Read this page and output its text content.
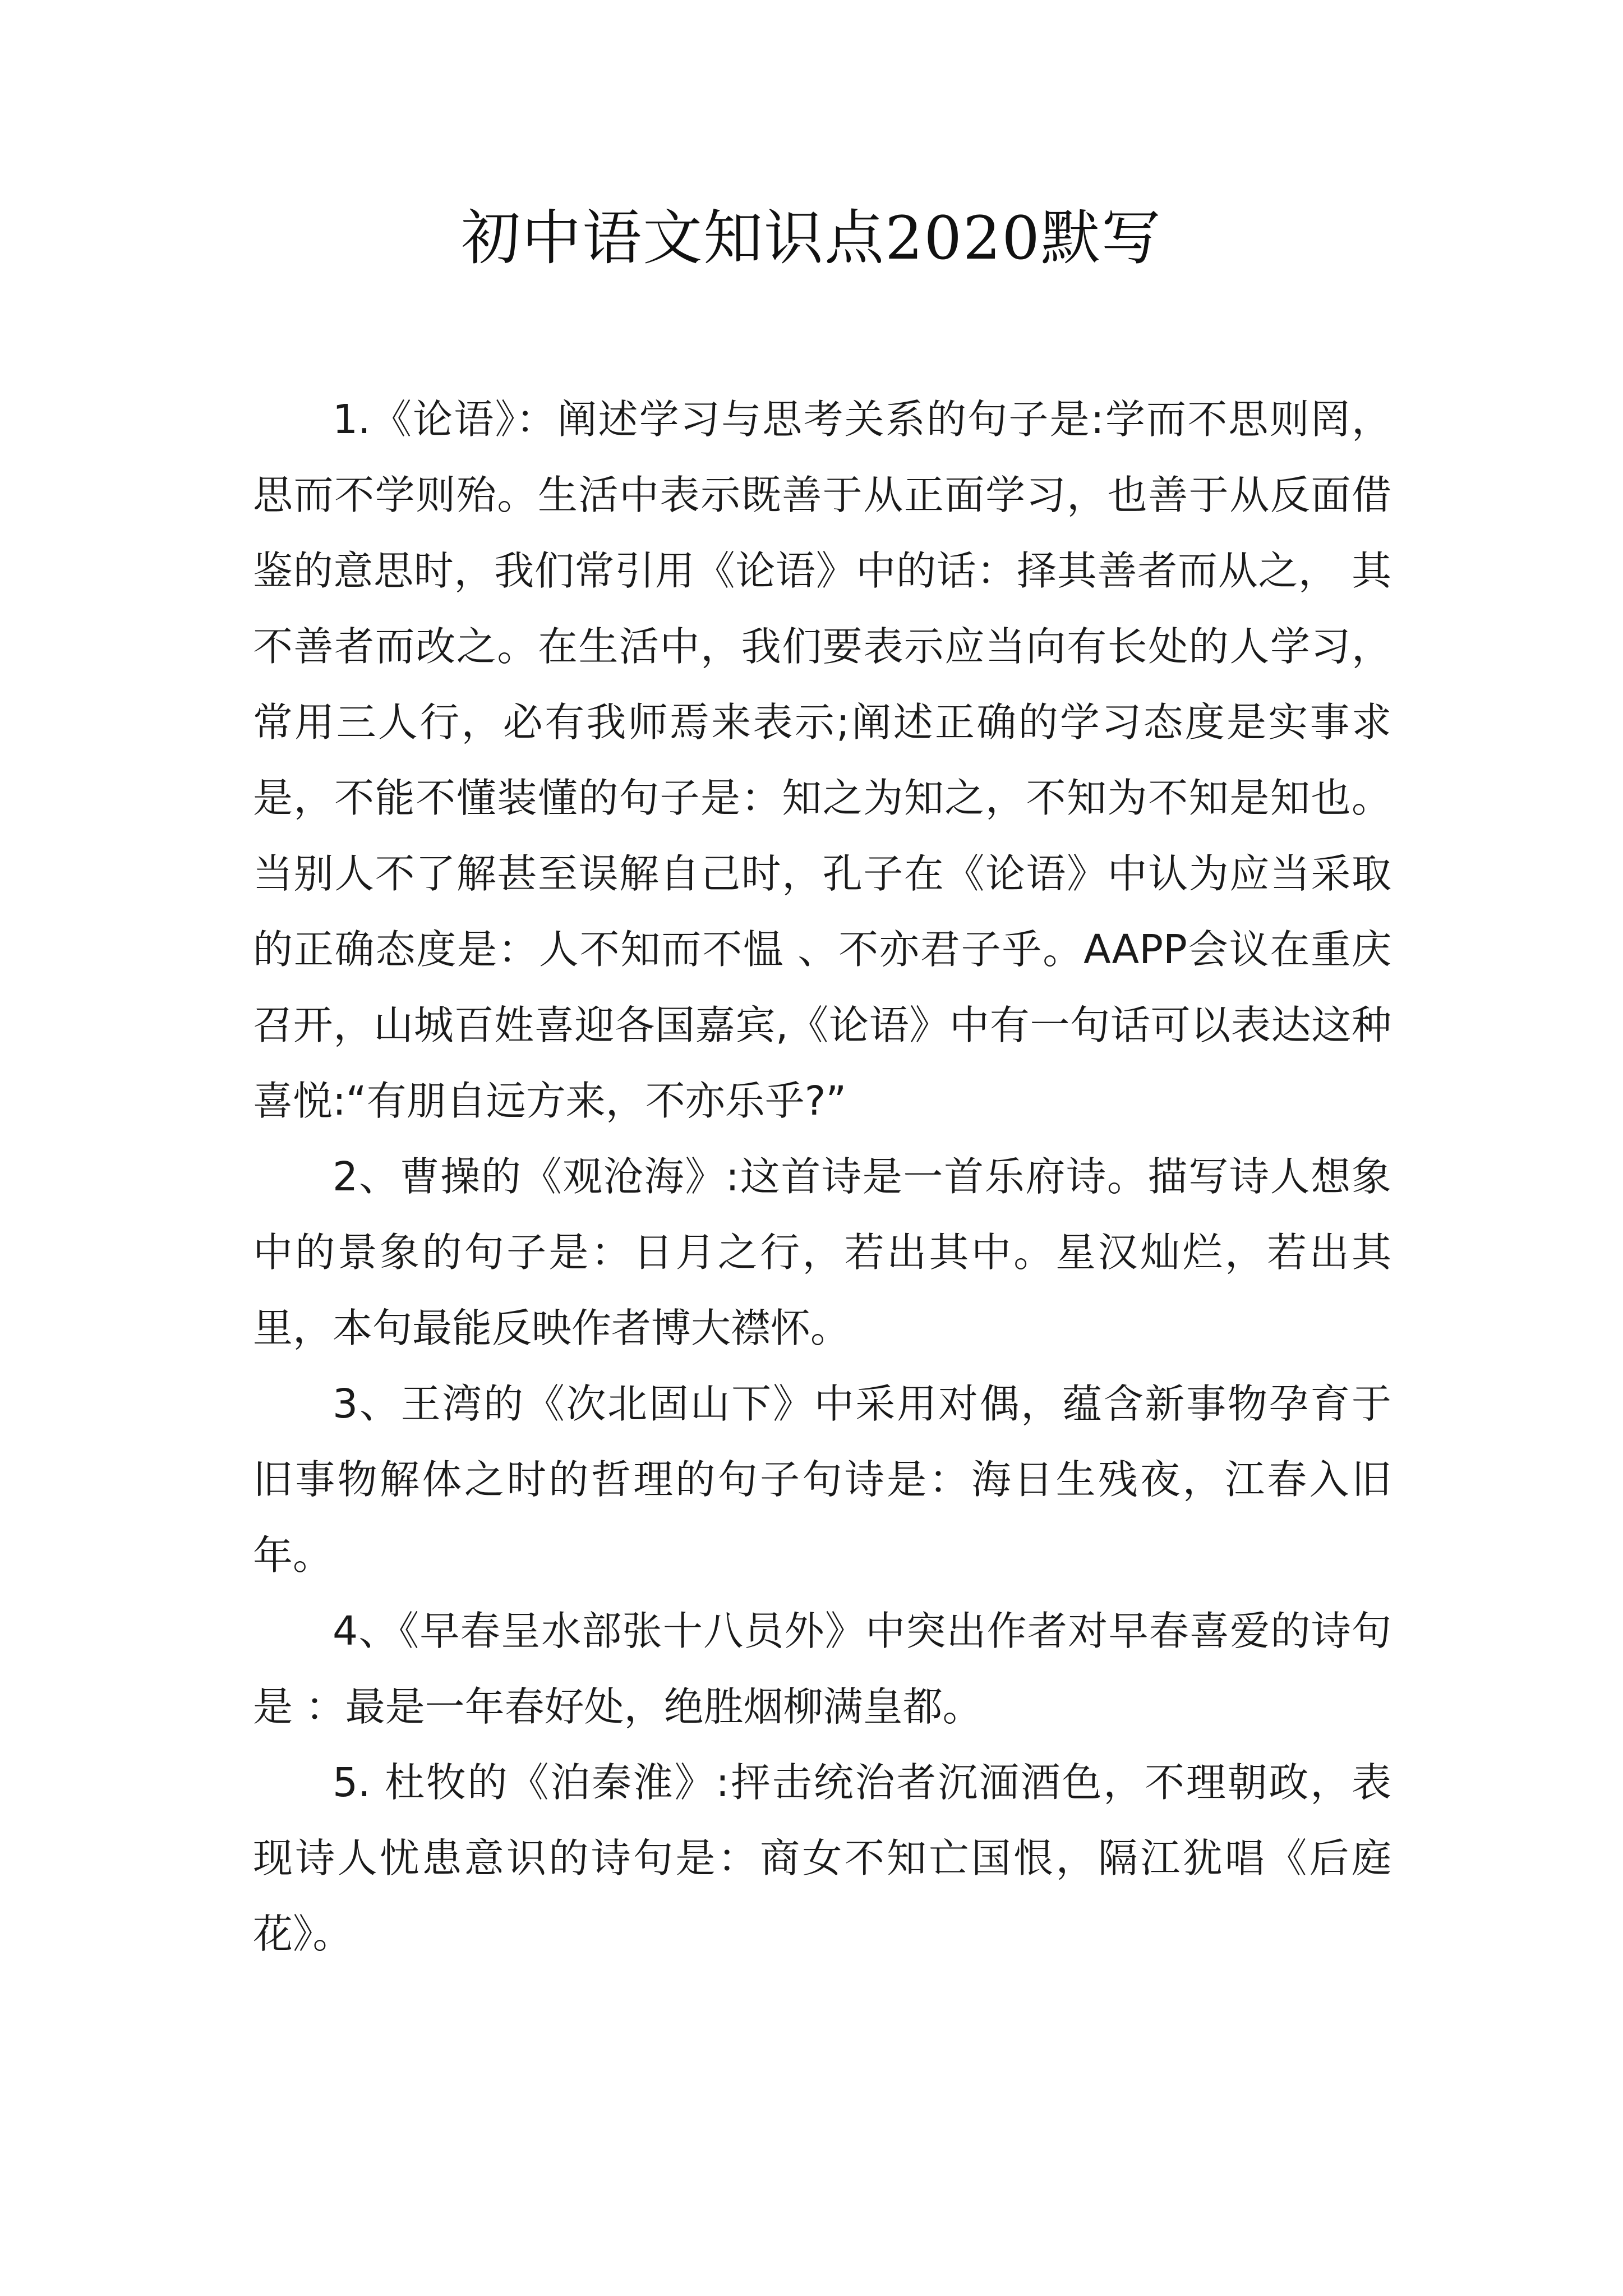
初中语文知识点2020默写

1.《论语》：阐述学习与思考关系的句子是:学而不思则罔， 思而不学则殆。生活中表示既善于从正面学习，也善于从反面借鉴的意思时，我们常引用《论语》中的话：择其善者而从之， 其不善者而改之。在生活中，我们要表示应当向有长处的人学习，常用三人行，必有我师焉来表示;阐述正确的学习态度是实事求是，不能不懂装懂的句子是：知之为知之，不知为不知是知也。当别人不了解甚至误解自己时，孔子在《论语》中认为应当采取的正确态度是：人不知而不愠 、不亦君子乎。AAPP会议在重庆召开，山城百姓喜迎各国嘉宾,《论语》中有一句话可以表达这种喜悦:“有朋自远方来，不亦乐乎?”

2、曹操的《观沧海》:这首诗是一首乐府诗。描写诗人想象中的景象的句子是：日月之行，若出其中。星汉灿烂，若出其里，本句最能反映作者博大襟怀。

3、王湾的《次北固山下》中采用对偶，蕴含新事物孕育于旧事物解体之时的哲理的句子句诗是：海日生残夜，江春入旧年。

4、《早春呈水部张十八员外》中突出作者对早春喜爱的诗句是 ：最是一年春好处，绝胜烟柳满皇都。

5. 杜牧的《泊秦淮》:抨击统治者沉湎酒色，不理朝政，表现诗人忧患意识的诗句是：商女不知亡国恨，隔江犹唱《后庭花》。
